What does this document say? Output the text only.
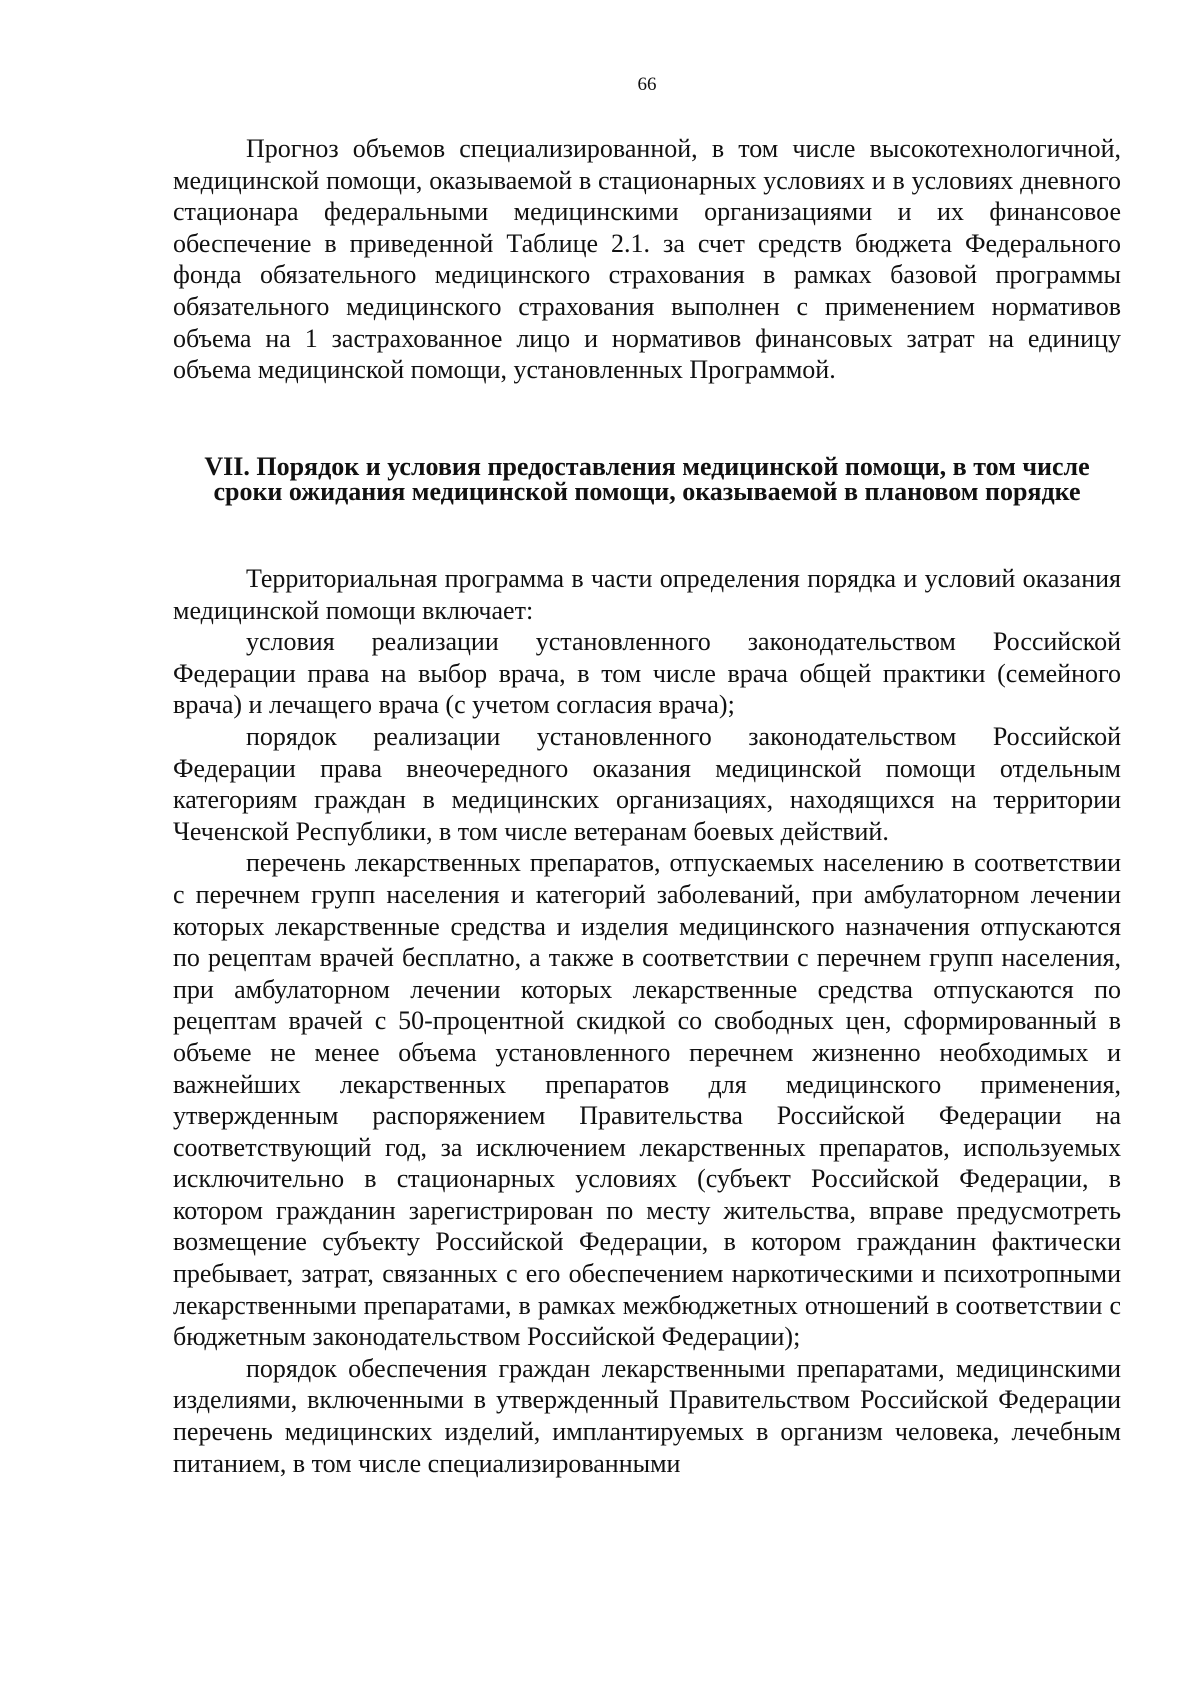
66

Прогноз объемов специализированной, в том числе высокотехнологичной, медицинской помощи, оказываемой в стационарных условиях и в условиях дневного стационара федеральными медицинскими организациями и их финансовое обеспечение в приведенной Таблице 2.1. за счет средств бюджета Федерального фонда обязательного медицинского страхования в рамках базовой программы обязательного медицинского страхования выполнен с применением нормативов объема на 1 застрахованное лицо и нормативов финансовых затрат на единицу объема медицинской помощи, установленных Программой.

VII. Порядок и условия предоставления медицинской помощи, в том числе сроки ожидания медицинской помощи, оказываемой в плановом порядке

Территориальная программа в части определения порядка и условий оказания медицинской помощи включает:

условия реализации установленного законодательством Российской Федерации права на выбор врача, в том числе врача общей практики (семейного врача) и лечащего врача (с учетом согласия врача);

порядок реализации установленного законодательством Российской Федерации права внеочередного оказания медицинской помощи отдельным категориям граждан в медицинских организациях, находящихся на территории Чеченской Республики, в том числе ветеранам боевых действий.

перечень лекарственных препаратов, отпускаемых населению в соответствии с перечнем групп населения и категорий заболеваний, при амбулаторном лечении которых лекарственные средства и изделия медицинского назначения отпускаются по рецептам врачей бесплатно, а также в соответствии с перечнем групп населения, при амбулаторном лечении которых лекарственные средства отпускаются по рецептам врачей с 50-процентной скидкой со свободных цен, сформированный в объеме не менее объема установленного перечнем жизненно необходимых и важнейших лекарственных препаратов для медицинского применения, утвержденным распоряжением Правительства Российской Федерации на соответствующий год, за исключением лекарственных препаратов, используемых исключительно в стационарных условиях (субъект Российской Федерации, в котором гражданин зарегистрирован по месту жительства, вправе предусмотреть возмещение субъекту Российской Федерации, в котором гражданин фактически пребывает, затрат, связанных с его обеспечением наркотическими и психотропными лекарственными препаратами, в рамках межбюджетных отношений в соответствии с бюджетным законодательством Российской Федерации);

порядок обеспечения граждан лекарственными препаратами, медицинскими изделиями, включенными в утвержденный Правительством Российской Федерации перечень медицинских изделий, имплантируемых в организм человека, лечебным питанием, в том числе специализированными
